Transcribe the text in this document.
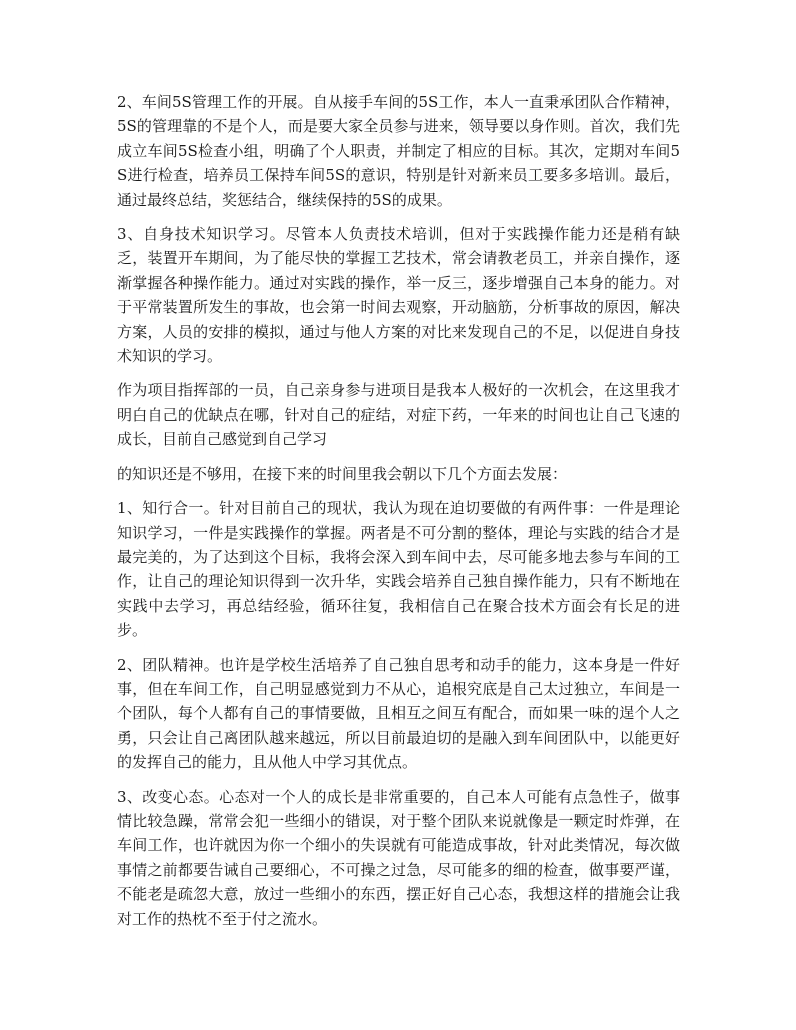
2、车间5S管理工作的开展。自从接手车间的5S工作，本人一直秉承团队合作精神，5S的管理靠的不是个人，而是要大家全员参与进来，领导要以身作则。首次，我们先成立车间5S检查小组，明确了个人职责，并制定了相应的目标。其次，定期对车间5S进行检查，培养员工保持车间5S的意识，特别是针对新来员工要多多培训。最后，通过最终总结，奖惩结合，继续保持的5S的成果。

3、自身技术知识学习。尽管本人负责技术培训，但对于实践操作能力还是稍有缺乏，装置开车期间，为了能尽快的掌握工艺技术，常会请教老员工，并亲自操作，逐渐掌握各种操作能力。通过对实践的操作，举一反三，逐步增强自己本身的能力。对于平常装置所发生的事故，也会第一时间去观察，开动脑筋，分析事故的原因，解决方案，人员的安排的模拟，通过与他人方案的对比来发现自己的不足，以促进自身技术知识的学习。

作为项目指挥部的一员，自己亲身参与进项目是我本人极好的一次机会，在这里我才明白自己的优缺点在哪，针对自己的症结，对症下药，一年来的时间也让自己飞速的成长，目前自己感觉到自己学习

的知识还是不够用，在接下来的时间里我会朝以下几个方面去发展：

1、知行合一。针对目前自己的现状，我认为现在迫切要做的有两件事：一件是理论知识学习，一件是实践操作的掌握。两者是不可分割的整体，理论与实践的结合才是最完美的，为了达到这个目标，我将会深入到车间中去，尽可能多地去参与车间的工作，让自己的理论知识得到一次升华，实践会培养自己独自操作能力，只有不断地在实践中去学习，再总结经验，循环往复，我相信自己在聚合技术方面会有长足的进步。

2、团队精神。也许是学校生活培养了自己独自思考和动手的能力，这本身是一件好事，但在车间工作，自己明显感觉到力不从心，追根究底是自己太过独立，车间是一个团队，每个人都有自己的事情要做，且相互之间互有配合，而如果一味的逞个人之勇，只会让自己离团队越来越远，所以目前最迫切的是融入到车间团队中，以能更好的发挥自己的能力，且从他人中学习其优点。

3、改变心态。心态对一个人的成长是非常重要的，自己本人可能有点急性子，做事情比较急躁，常常会犯一些细小的错误，对于整个团队来说就像是一颗定时炸弹，在车间工作，也许就因为你一个细小的失误就有可能造成事故，针对此类情况，每次做事情之前都要告诫自己要细心，不可操之过急，尽可能多的细的检查，做事要严谨，不能老是疏忽大意，放过一些细小的东西，摆正好自己心态，我想这样的措施会让我对工作的热枕不至于付之流水。
